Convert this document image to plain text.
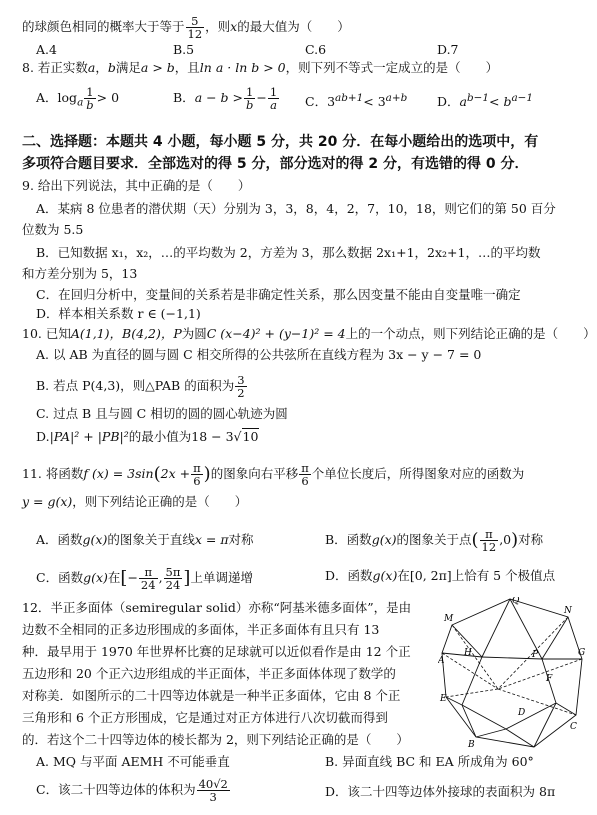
的球颜色相同的概率大于等于 $\frac{5}{12}$ ，则x的最大值为（　　）
A.4	B.5	C.6	D.7
8. 若正实数a，b满足a > b，且ln a · ln b > 0，则下列不等式一定成立的是（　　）
A．$\log_a \frac{1}{b} > 0$	B．$a - b > \frac{1}{b} - \frac{1}{a}$ C．$3^{ab+1}< 3^{a+b}$ D．$a^{b-1}< b^{a-1}$
二、选择题：本题共 4 小题，每小题 5 分，共 20 分．在每小题给出的选项中，有
多项符合题目要求．全部选对的得 5 分，部分选对的得 2 分，有选错的得 0 分．
9. 给出下列说法，其中正确的是（　　）
A．某病 8 位患者的潜伏期（天）分别为 3，3，8，4，2，7，10，18，则它们的第 50 百分
位数为 5.5
B．已知数据 x₁，x₂，…的平均数为 2，方差为 3，那么数据 2x₁+1，2x₂+1，…的平均数
和方差分别为 5，13
C．在回归分析中，变量间的关系若是非确定性关系，那么因变量不能由自变量唯一确定
D．样本相关系数 r ∈ (−1,1)
10. 已知A(1,1)，B(4,2)，P为圆C (x−4)² + (y−1)² = 4上的一个动点，则下列结论正确的是（　　）
A. 以 AB 为直径的圆与圆 C 相交所得的公共弦所在直线方程为 3x − y − 7 = 0
B. 若点 P(4,3)，则△PAB 的面积为 $\frac{3}{2}$
C. 过点 B 且与圆 C 相切的圆的圆心轨迹为圆
D.|PA|² + |PB|²的最小值为18 − 3√10
11. 将函数f $(x) = 3\sin(2x + \frac{\pi}{6}$ )的图象向右平移 $\frac{\pi}{6}$ 个单位长度后，所得图象对应的函数为
y = g(x)，则下列结论正确的是（　　）
A．函数g(x)的图象关于直线x = π对称	B．函数g(x)的图象关于点( $\frac{\pi}{12} ,0$)对称
C．函数g(x)在[− $\frac{\pi}{24}$ , $\frac{5\pi}{24}$ ]上单调递增	D．函数g(x)在[0, 2π]上恰有 5 个极值点
12．半正多面体（semiregular solid）亦称“阿基米德多面体”，是由
边数不全相同的正多边形围成的多面体，半正多面体有且只有 13
种．最早用于 1970 年世界杯比赛的足球就可以近似看作是由 12 个正
五边形和 20 个正六边形组成的半正面体，半正多面体体现了数学的
对称美．如图所示的二十四等边体就是一种半正多面体，它由 8 个正
三角形和 6 个正方形围成，它是通过对正方体进行八次切截而得到
的．若这个二十四等边体的棱长都为 2，则下列结论正确的是（　　）
A. MQ 与平面 AEMH 不可能垂直	B. 异面直线 BC 和 EA 所成角为 60°
C．该二十四等边体的体积为 $\frac{40√2}{3}$	D．该二十四等边体外接球的表面积为 8π
Q
M
N
H
A
P
F
G
E
D
B
C
